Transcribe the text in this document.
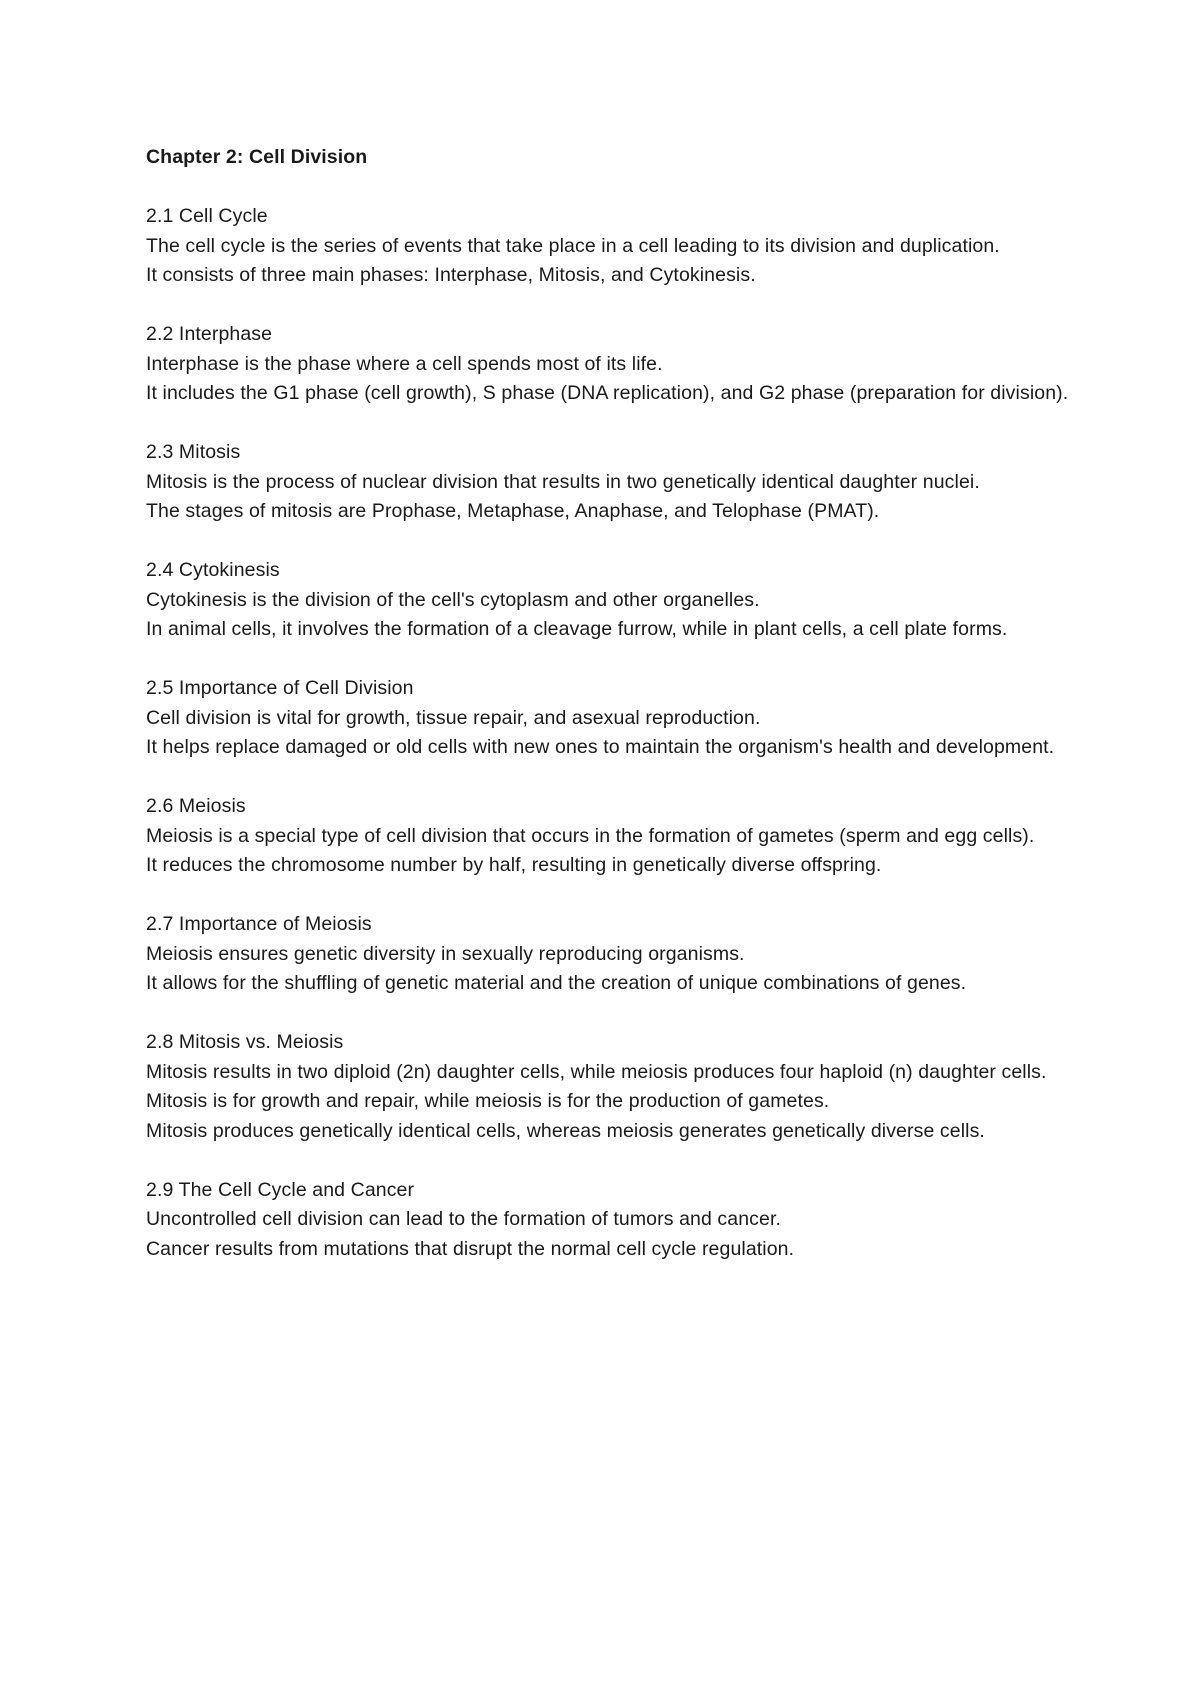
Chapter 2: Cell Division

2.1 Cell Cycle

The cell cycle is the series of events that take place in a cell leading to its division and duplication.

It consists of three main phases: Interphase, Mitosis, and Cytokinesis.

2.2 Interphase

Interphase is the phase where a cell spends most of its life.

It includes the G1 phase (cell growth), S phase (DNA replication), and G2 phase (preparation for division).

2.3 Mitosis

Mitosis is the process of nuclear division that results in two genetically identical daughter nuclei.

The stages of mitosis are Prophase, Metaphase, Anaphase, and Telophase (PMAT).

2.4 Cytokinesis

Cytokinesis is the division of the cell's cytoplasm and other organelles.

In animal cells, it involves the formation of a cleavage furrow, while in plant cells, a cell plate forms.

2.5 Importance of Cell Division

Cell division is vital for growth, tissue repair, and asexual reproduction.

It helps replace damaged or old cells with new ones to maintain the organism's health and development.

2.6 Meiosis

Meiosis is a special type of cell division that occurs in the formation of gametes (sperm and egg cells).

It reduces the chromosome number by half, resulting in genetically diverse offspring.

2.7 Importance of Meiosis

Meiosis ensures genetic diversity in sexually reproducing organisms.

It allows for the shuffling of genetic material and the creation of unique combinations of genes.

2.8 Mitosis vs. Meiosis

Mitosis results in two diploid (2n) daughter cells, while meiosis produces four haploid (n) daughter cells.

Mitosis is for growth and repair, while meiosis is for the production of gametes.

Mitosis produces genetically identical cells, whereas meiosis generates genetically diverse cells.

2.9 The Cell Cycle and Cancer

Uncontrolled cell division can lead to the formation of tumors and cancer.

Cancer results from mutations that disrupt the normal cell cycle regulation.
